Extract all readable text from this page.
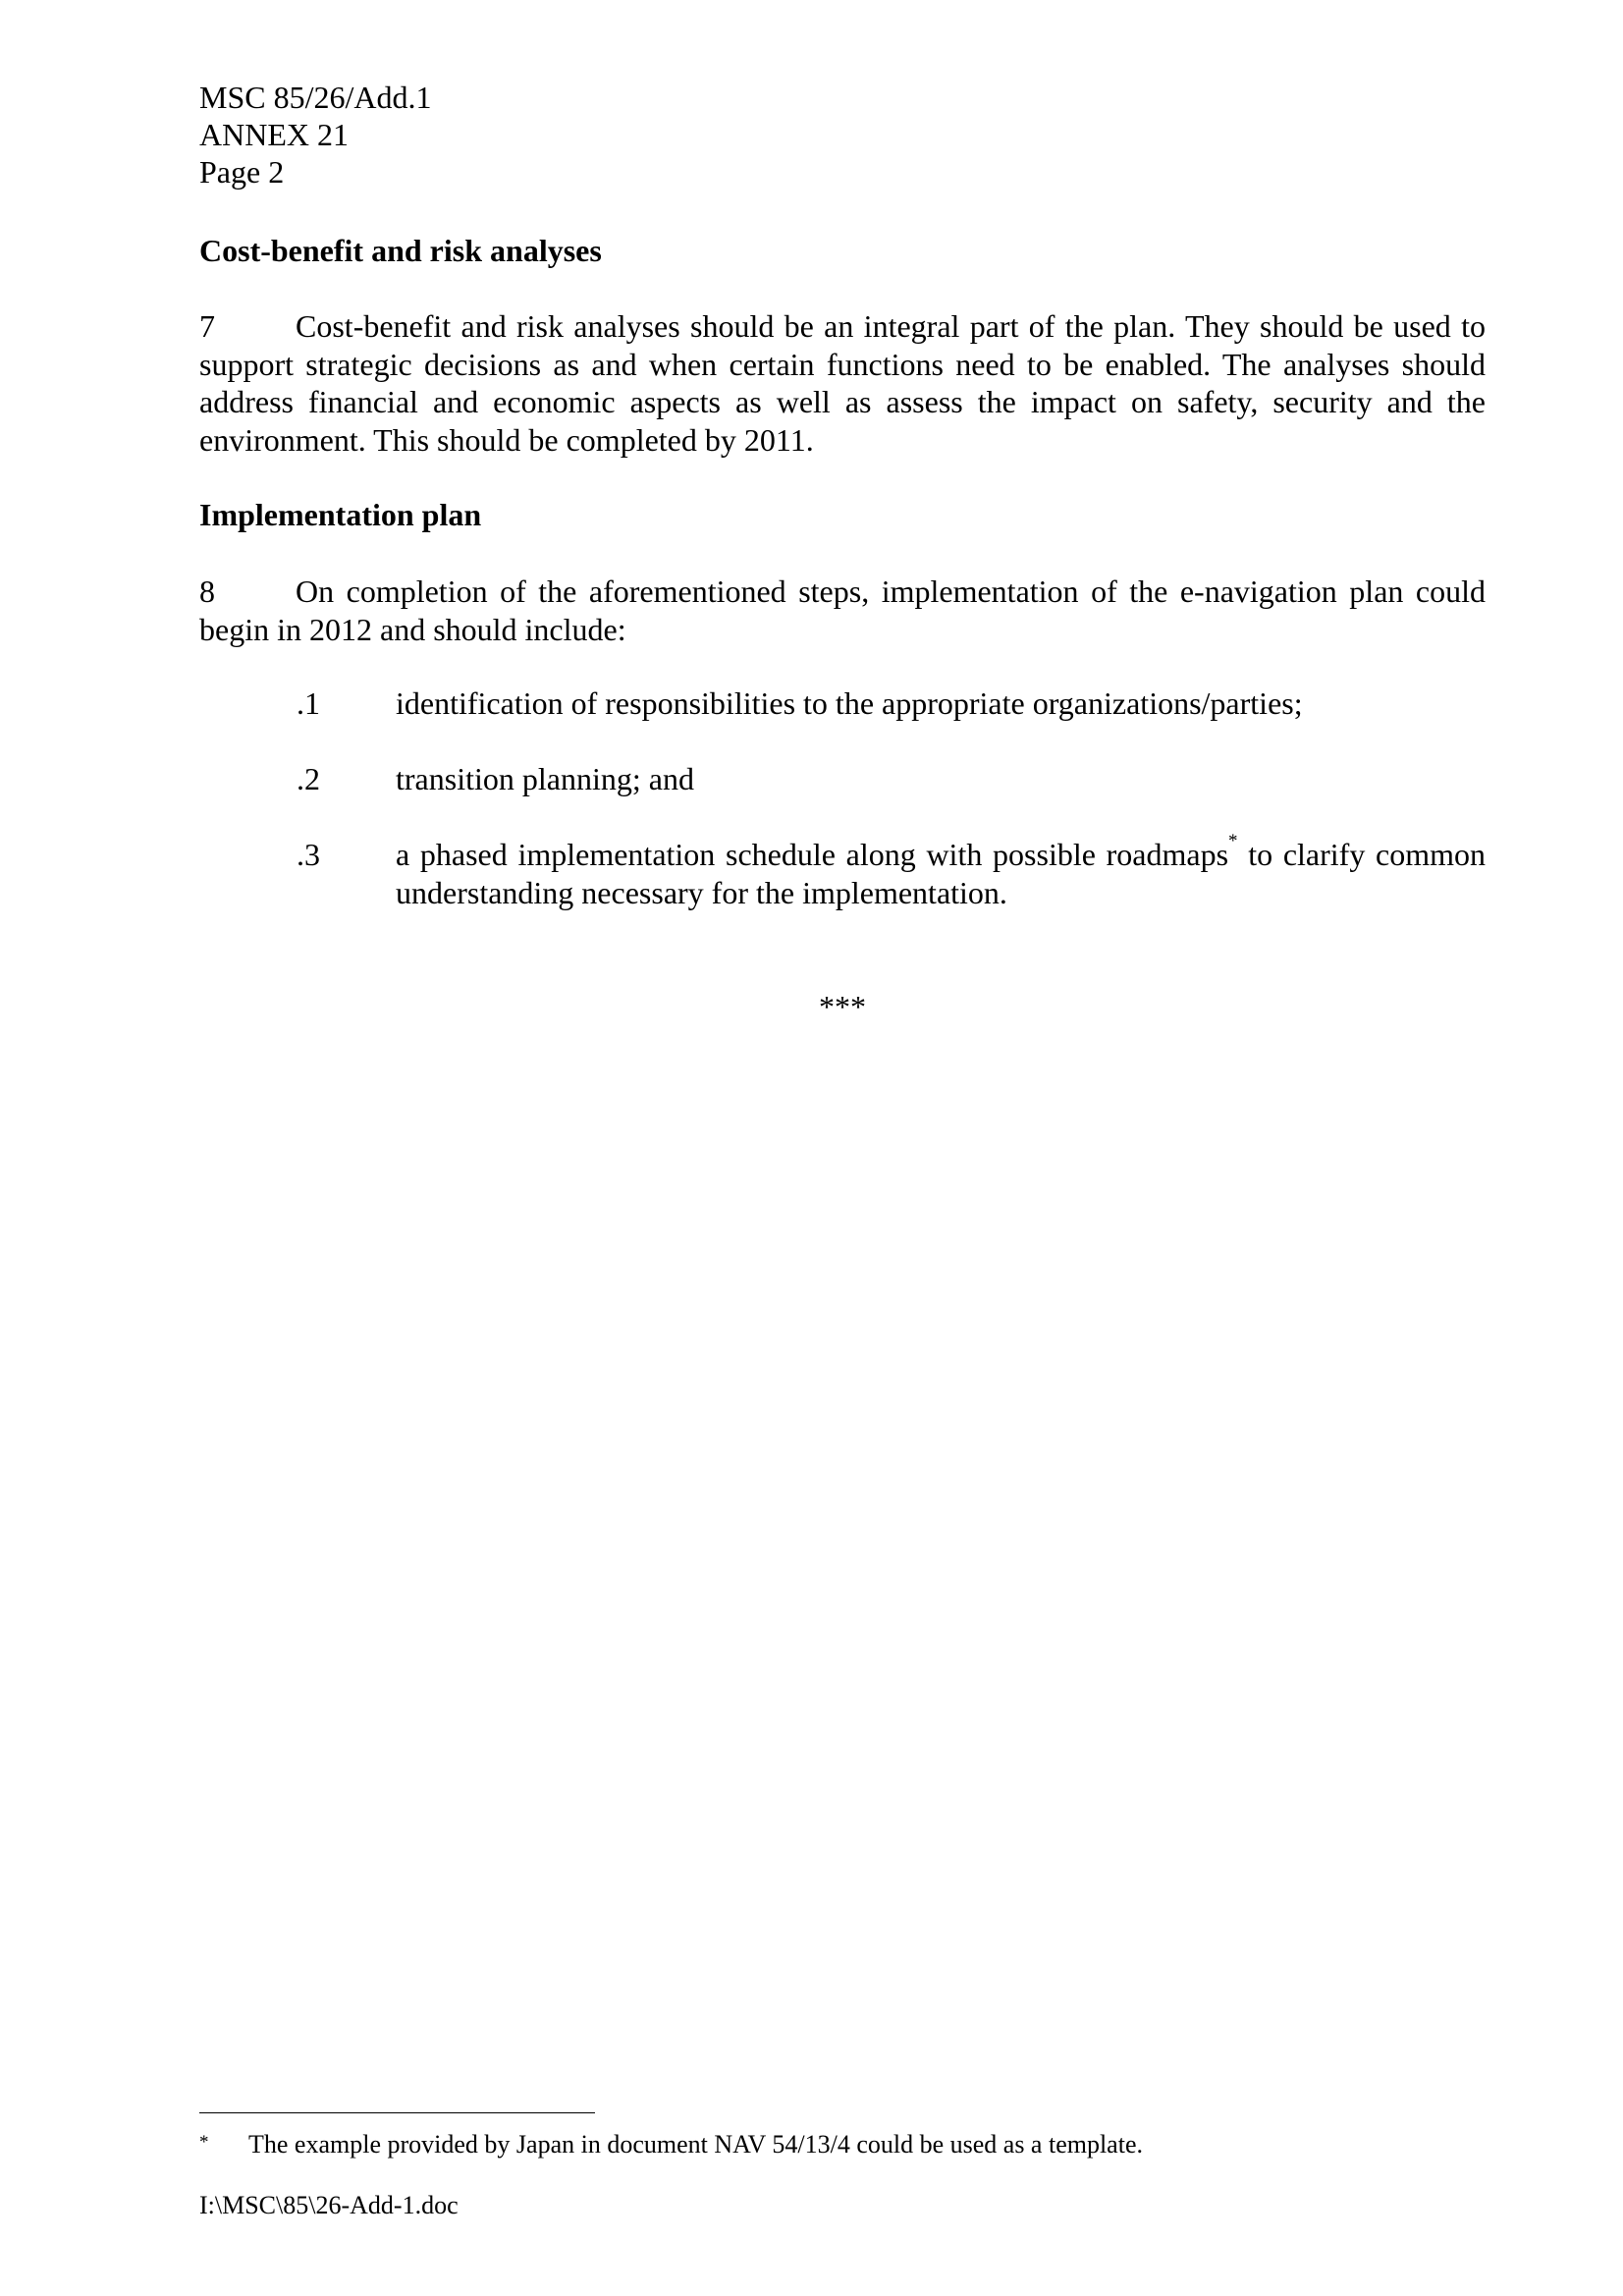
MSC 85/26/Add.1
ANNEX 21
Page 2
Cost-benefit and risk analyses
7	Cost-benefit and risk analyses should be an integral part of the plan. They should be used to support strategic decisions as and when certain functions need to be enabled. The analyses should address financial and economic aspects as well as assess the impact on safety, security and the environment. This should be completed by 2011.
Implementation plan
8	On completion of the aforementioned steps, implementation of the e-navigation plan could begin in 2012 and should include:
.1	identification of responsibilities to the appropriate organizations/parties;
.2	transition planning; and
.3	a phased implementation schedule along with possible roadmaps* to clarify common understanding necessary for the implementation.
***
* The example provided by Japan in document NAV 54/13/4 could be used as a template.
I:\MSC\85\26-Add-1.doc
